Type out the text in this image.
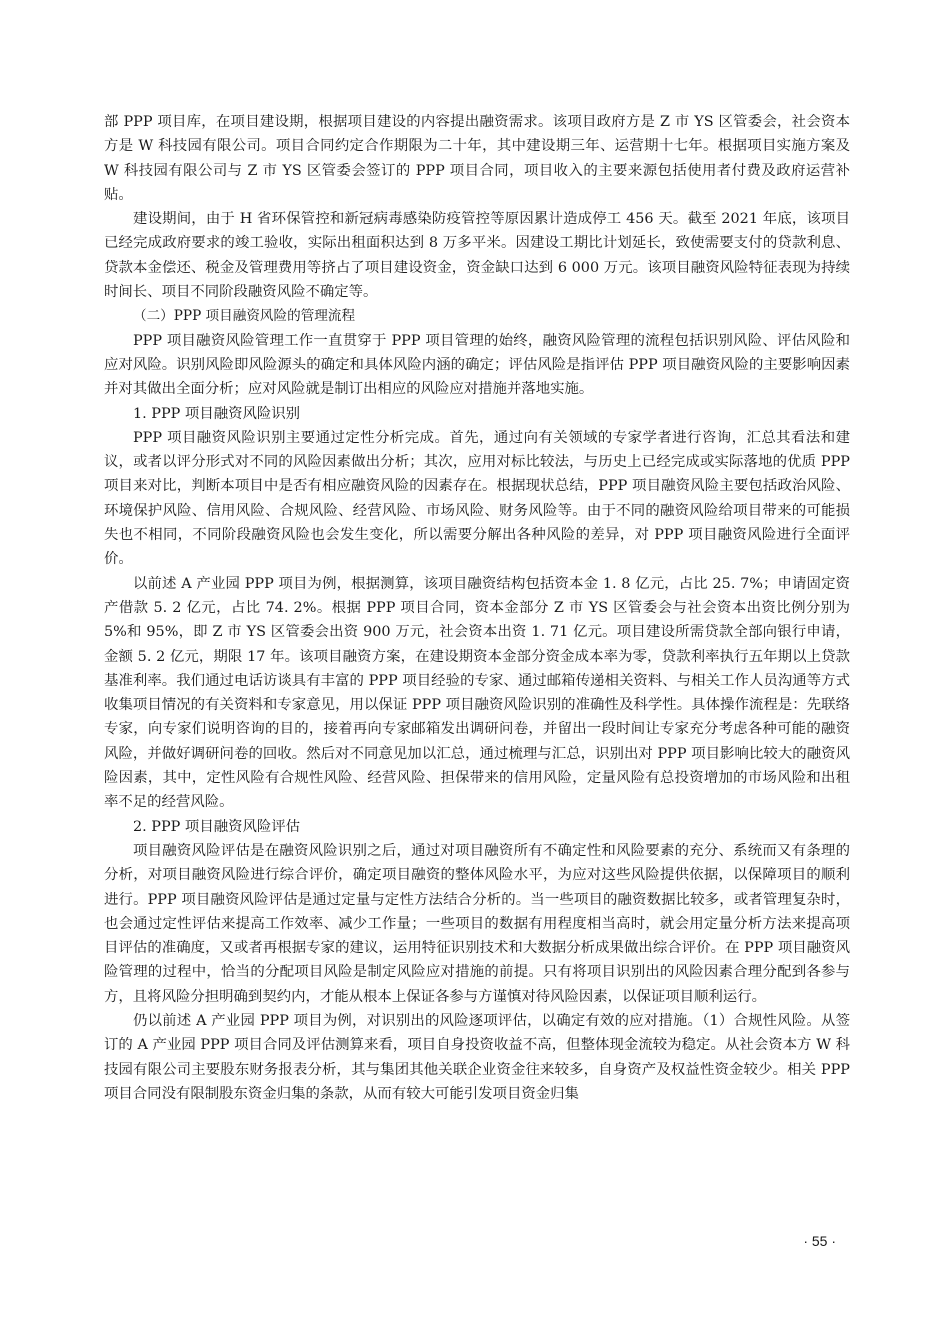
部 PPP 项目库，在项目建设期，根据项目建设的内容提出融资需求。该项目政府方是 Z 市 YS 区管委会，社会资本方是 W 科技园有限公司。项目合同约定合作期限为二十年，其中建设期三年、运营期十七年。根据项目实施方案及 W 科技园有限公司与 Z 市 YS 区管委会签订的 PPP 项目合同，项目收入的主要来源包括使用者付费及政府运营补贴。

建设期间，由于 H 省环保管控和新冠病毒感染防疫管控等原因累计造成停工 456 天。截至 2021 年底，该项目已经完成政府要求的竣工验收，实际出租面积达到 8 万多平米。因建设工期比计划延长，致使需要支付的贷款利息、贷款本金偿还、税金及管理费用等挤占了项目建设资金，资金缺口达到 6 000 万元。该项目融资风险特征表现为持续时间长、项目不同阶段融资风险不确定等。

（二）PPP 项目融资风险的管理流程

PPP 项目融资风险管理工作一直贯穿于 PPP 项目管理的始终，融资风险管理的流程包括识别风险、评估风险和应对风险。识别风险即风险源头的确定和具体风险内涵的确定；评估风险是指评估 PPP 项目融资风险的主要影响因素并对其做出全面分析；应对风险就是制订出相应的风险应对措施并落地实施。

1. PPP 项目融资风险识别

PPP 项目融资风险识别主要通过定性分析完成。首先，通过向有关领域的专家学者进行咨询，汇总其看法和建议，或者以评分形式对不同的风险因素做出分析；其次，应用对标比较法，与历史上已经完成或实际落地的优质 PPP 项目来对比，判断本项目中是否有相应融资风险的因素存在。根据现状总结，PPP 项目融资风险主要包括政治风险、环境保护风险、信用风险、合规风险、经营风险、市场风险、财务风险等。由于不同的融资风险给项目带来的可能损失也不相同，不同阶段融资风险也会发生变化，所以需要分解出各种风险的差异，对 PPP 项目融资风险进行全面评价。

以前述 A 产业园 PPP 项目为例，根据测算，该项目融资结构包括资本金 1. 8 亿元，占比 25. 7%；申请固定资产借款 5. 2 亿元，占比 74. 2%。根据 PPP 项目合同，资本金部分 Z 市 YS 区管委会与社会资本出资比例分别为 5%和 95%，即 Z 市 YS 区管委会出资 900 万元，社会资本出资 1. 71 亿元。项目建设所需贷款全部向银行申请，金额 5. 2 亿元，期限 17 年。该项目融资方案，在建设期资本金部分资金成本率为零，贷款利率执行五年期以上贷款基准利率。我们通过电话访谈具有丰富的 PPP 项目经验的专家、通过邮箱传递相关资料、与相关工作人员沟通等方式收集项目情况的有关资料和专家意见，用以保证 PPP 项目融资风险识别的准确性及科学性。具体操作流程是：先联络专家，向专家们说明咨询的目的，接着再向专家邮箱发出调研问卷，并留出一段时间让专家充分考虑各种可能的融资风险，并做好调研问卷的回收。然后对不同意见加以汇总，通过梳理与汇总，识别出对 PPP 项目影响比较大的融资风险因素，其中，定性风险有合规性风险、经营风险、担保带来的信用风险，定量风险有总投资增加的市场风险和出租率不足的经营风险。

2. PPP 项目融资风险评估

项目融资风险评估是在融资风险识别之后，通过对项目融资所有不确定性和风险要素的充分、系统而又有条理的分析，对项目融资风险进行综合评价，确定项目融资的整体风险水平，为应对这些风险提供依据，以保障项目的顺利进行。PPP 项目融资风险评估是通过定量与定性方法结合分析的。当一些项目的融资数据比较多，或者管理复杂时，也会通过定性评估来提高工作效率、减少工作量；一些项目的数据有用程度相当高时，就会用定量分析方法来提高项目评估的准确度，又或者再根据专家的建议，运用特征识别技术和大数据分析成果做出综合评价。在 PPP 项目融资风险管理的过程中，恰当的分配项目风险是制定风险应对措施的前提。只有将项目识别出的风险因素合理分配到各参与方，且将风险分担明确到契约内，才能从根本上保证各参与方谨慎对待风险因素，以保证项目顺利运行。

仍以前述 A 产业园 PPP 项目为例，对识别出的风险逐项评估，以确定有效的应对措施。（1）合规性风险。从签订的 A 产业园 PPP 项目合同及评估测算来看，项目自身投资收益不高，但整体现金流较为稳定。从社会资本方 W 科技园有限公司主要股东财务报表分析，其与集团其他关联企业资金往来较多，自身资产及权益性资金较少。相关 PPP 项目合同没有限制股东资金归集的条款，从而有较大可能引发项目资金归集

· 55 ·
